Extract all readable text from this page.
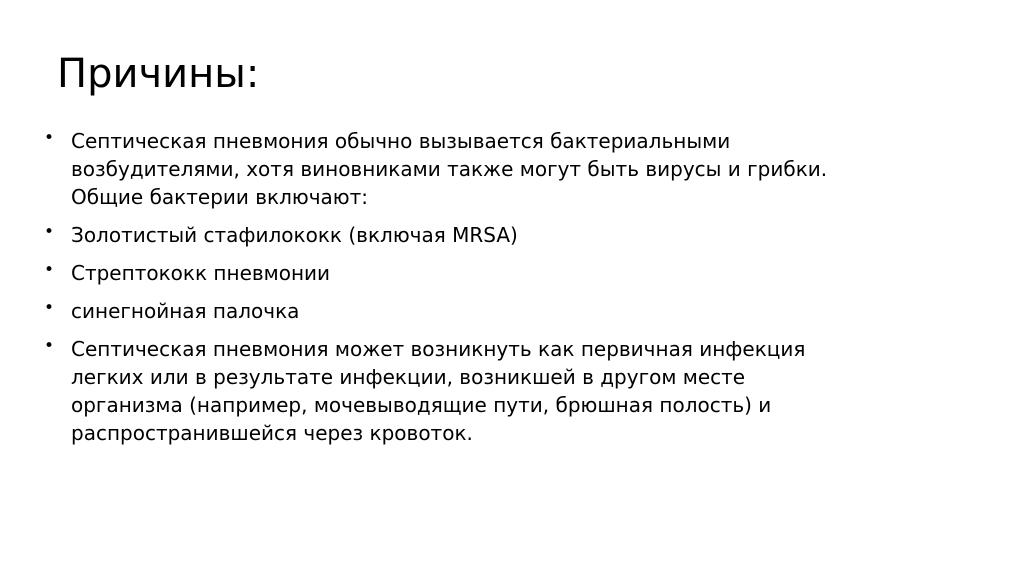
Причины:
• Септическая пневмония обычно вызывается бактериальными
возбудителями, хотя виновниками также могут быть вирусы и грибки.
Общие бактерии включают:
• Золотистый стафилококк (включая MRSA)
• Стрептококк пневмонии
• синегнойная палочка
• Септическая пневмония может возникнуть как первичная инфекция
легких или в результате инфекции, возникшей в другом месте
организма (например, мочевыводящие пути, брюшная полость) и
распространившейся через кровоток.
